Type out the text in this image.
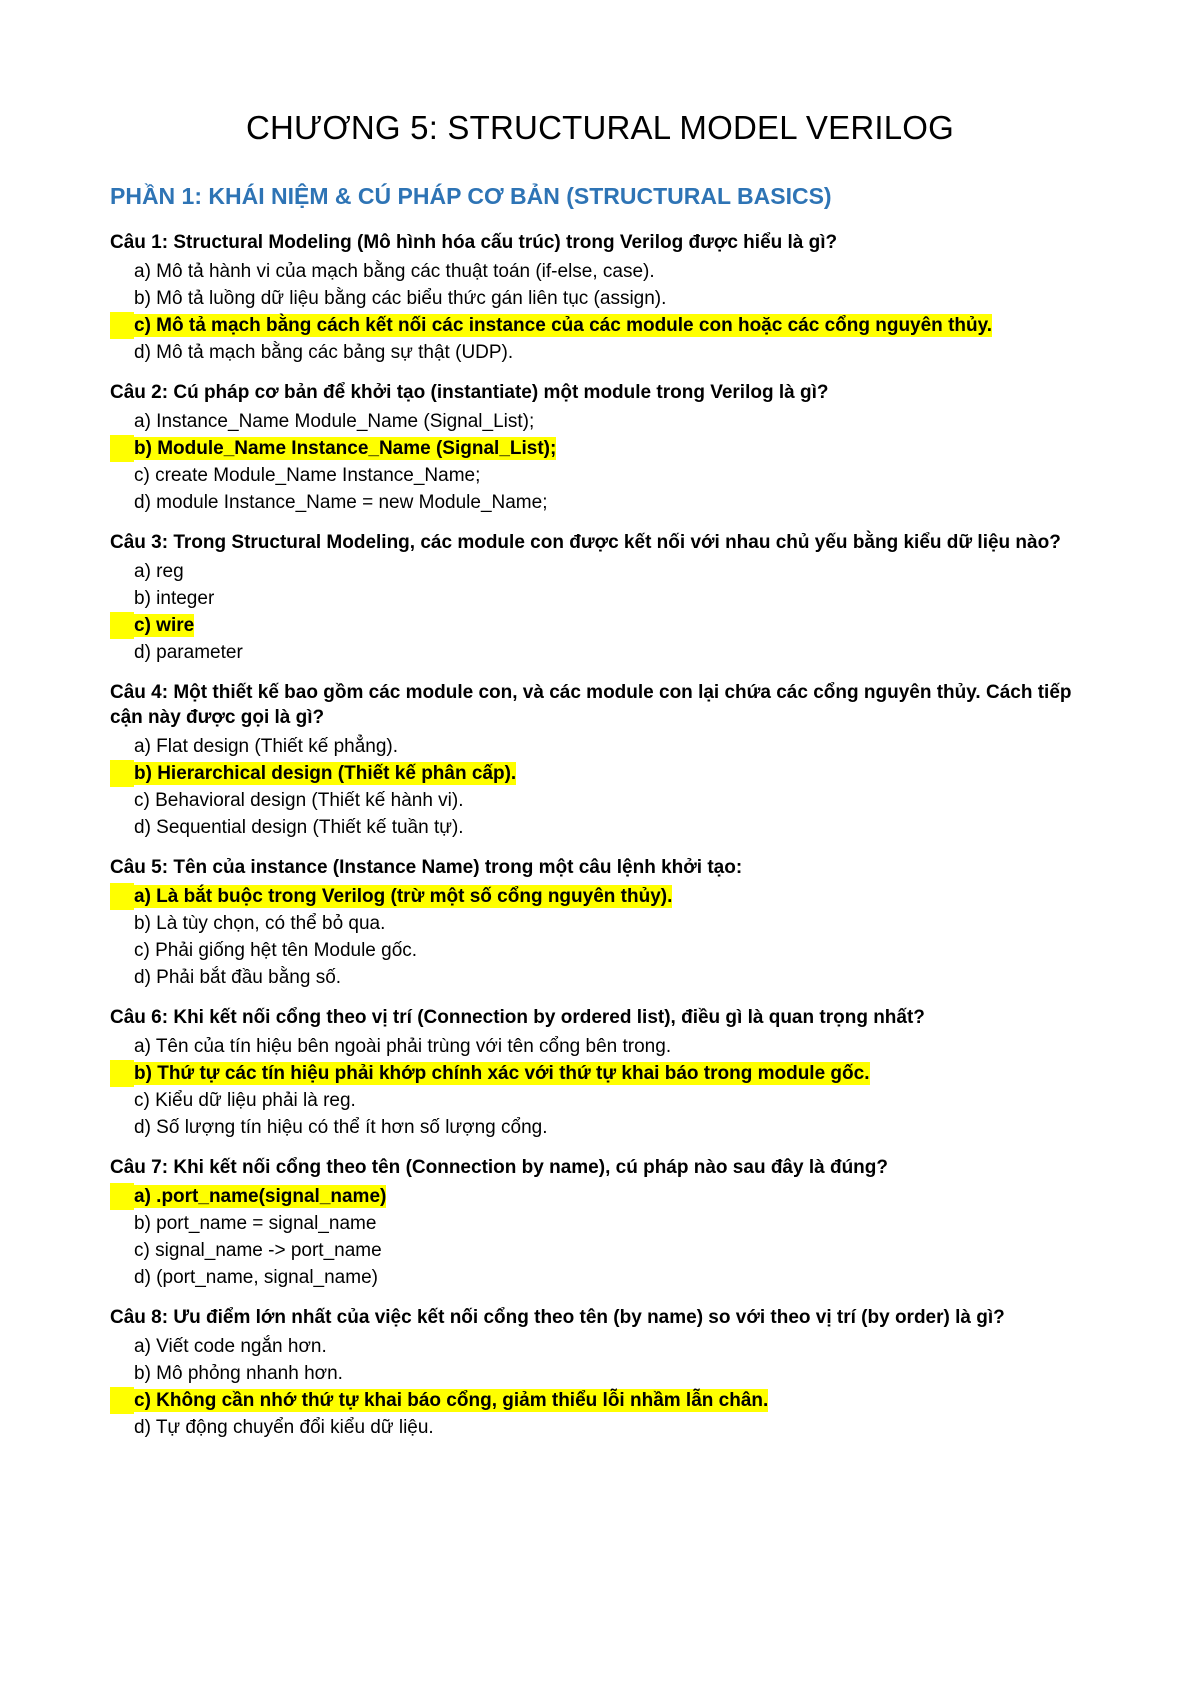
CHƯƠNG 5: STRUCTURAL MODEL VERILOG
PHẦN 1: KHÁI NIỆM & CÚ PHÁP CƠ BẢN (STRUCTURAL BASICS)

Câu 1: Structural Modeling (Mô hình hóa cấu trúc) trong Verilog được hiểu là gì?

a) Mô tả hành vi của mạch bằng các thuật toán (if-else, case).

b) Mô tả luồng dữ liệu bằng các biểu thức gán liên tục (assign).

c) Mô tả mạch bằng cách kết nối các instance của các module con hoặc các cổng nguyên thủy.

d) Mô tả mạch bằng các bảng sự thật (UDP).

Câu 2: Cú pháp cơ bản để khởi tạo (instantiate) một module trong Verilog là gì?

a) Instance_Name Module_Name (Signal_List);

b) Module_Name Instance_Name (Signal_List);

c) create Module_Name Instance_Name;

d) module Instance_Name = new Module_Name;

Câu 3: Trong Structural Modeling, các module con được kết nối với nhau chủ yếu bằng kiểu dữ liệu nào?

a) reg

b) integer

c) wire

d) parameter

Câu 4: Một thiết kế bao gồm các module con, và các module con lại chứa các cổng nguyên thủy. Cách tiếp cận này được gọi là gì?

a) Flat design (Thiết kế phẳng).

b) Hierarchical design (Thiết kế phân cấp).

c) Behavioral design (Thiết kế hành vi).

d) Sequential design (Thiết kế tuần tự).

Câu 5: Tên của instance (Instance Name) trong một câu lệnh khởi tạo:

a) Là bắt buộc trong Verilog (trừ một số cổng nguyên thủy).

b) Là tùy chọn, có thể bỏ qua.

c) Phải giống hệt tên Module gốc.

d) Phải bắt đầu bằng số.

Câu 6: Khi kết nối cổng theo vị trí (Connection by ordered list), điều gì là quan trọng nhất?

a) Tên của tín hiệu bên ngoài phải trùng với tên cổng bên trong.

b) Thứ tự các tín hiệu phải khớp chính xác với thứ tự khai báo trong module gốc.

c) Kiểu dữ liệu phải là reg.

d) Số lượng tín hiệu có thể ít hơn số lượng cổng.

Câu 7: Khi kết nối cổng theo tên (Connection by name), cú pháp nào sau đây là đúng?

a) .port_name(signal_name)

b) port_name = signal_name

c) signal_name -> port_name

d) (port_name, signal_name)

Câu 8: Ưu điểm lớn nhất của việc kết nối cổng theo tên (by name) so với theo vị trí (by order) là gì?

a) Viết code ngắn hơn.

b) Mô phỏng nhanh hơn.

c) Không cần nhớ thứ tự khai báo cổng, giảm thiểu lỗi nhầm lẫn chân.

d) Tự động chuyển đổi kiểu dữ liệu.
